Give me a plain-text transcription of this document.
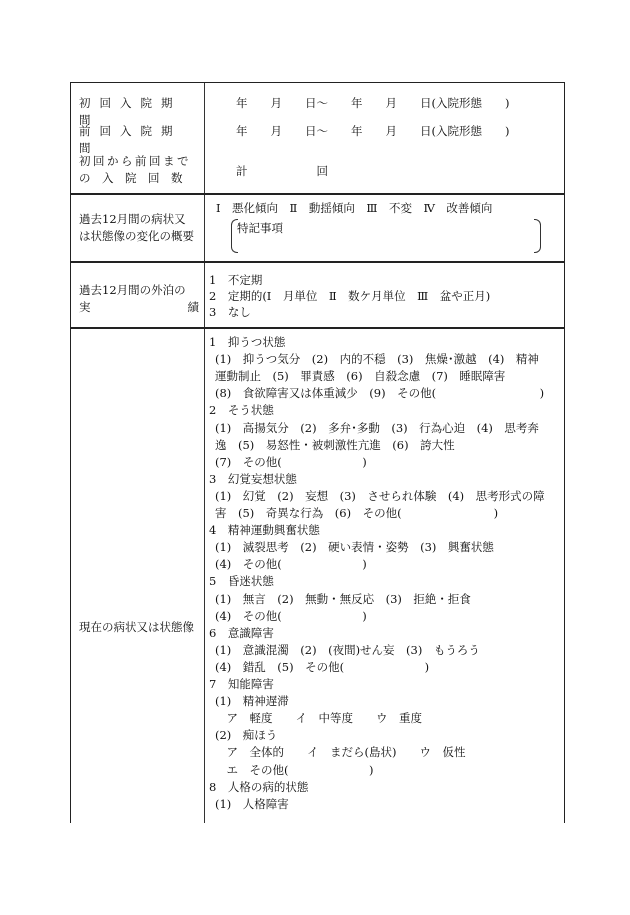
初回入院期間
年　　月　　日〜　　年　　月　　日(入院形態　　)
前回入院期間
年　　月　　日〜　　年　　月　　日(入院形態　　)
初回から前回まで
の　入　院　回　数	計　　　　　　回
過去12月間の病状又
は状態像の変化の概要
Ⅰ　悪化傾向　Ⅱ　動揺傾向　Ⅲ　不変　Ⅳ　改善傾向
特記事項
過去12月間の外泊の
実	績
1　不定期
2　定期的(Ⅰ　月単位　Ⅱ　数ケ月単位　Ⅲ　盆や正月)
3　なし
現在の病状又は状態像
1　抑うつ状態
(1)　抑うつ気分　(2)　内的不穏　(3)　焦燥･激越　(4)　精神
運動制止　(5)　罪責感　(6)　自殺念慮　(7)　睡眠障害
(8)　食欲障害又は体重減少　(9)　その他(　　　　　　　　　)
2　そう状態
(1)　高揚気分　(2)　多弁･多動　(3)　行為心迫　(4)　思考奔
逸　(5)　易怒性・被刺激性亢進　(6)　誇大性
(7)　その他(　　　　　　　)
3　幻覚妄想状態
(1)　幻覚　(2)　妄想　(3)　させられ体験　(4)　思考形式の障
害　(5)　奇異な行為　(6)　その他(　　　　　　　　)
4　精神運動興奮状態
(1)　滅裂思考　(2)　硬い表情・姿勢　(3)　興奮状態
(4)　その他(　　　　　　　)
5　昏迷状態
(1)　無言　(2)　無動・無反応　(3)　拒絶・拒食
(4)　その他(　　　　　　　)
6　意識障害
(1)　意識混濁　(2)　(夜間)せん妄　(3)　もうろう
(4)　錯乱　(5)　その他(　　　　　　　)
7　知能障害
(1)　精神遅滞
　ア　軽度　　イ　中等度　　ウ　重度
(2)　痴ほう
　ア　全体的　　イ　まだら(島状)　　ウ　仮性
　エ　その他(　　　　　　　)
8　人格の病的状態
(1)　人格障害
